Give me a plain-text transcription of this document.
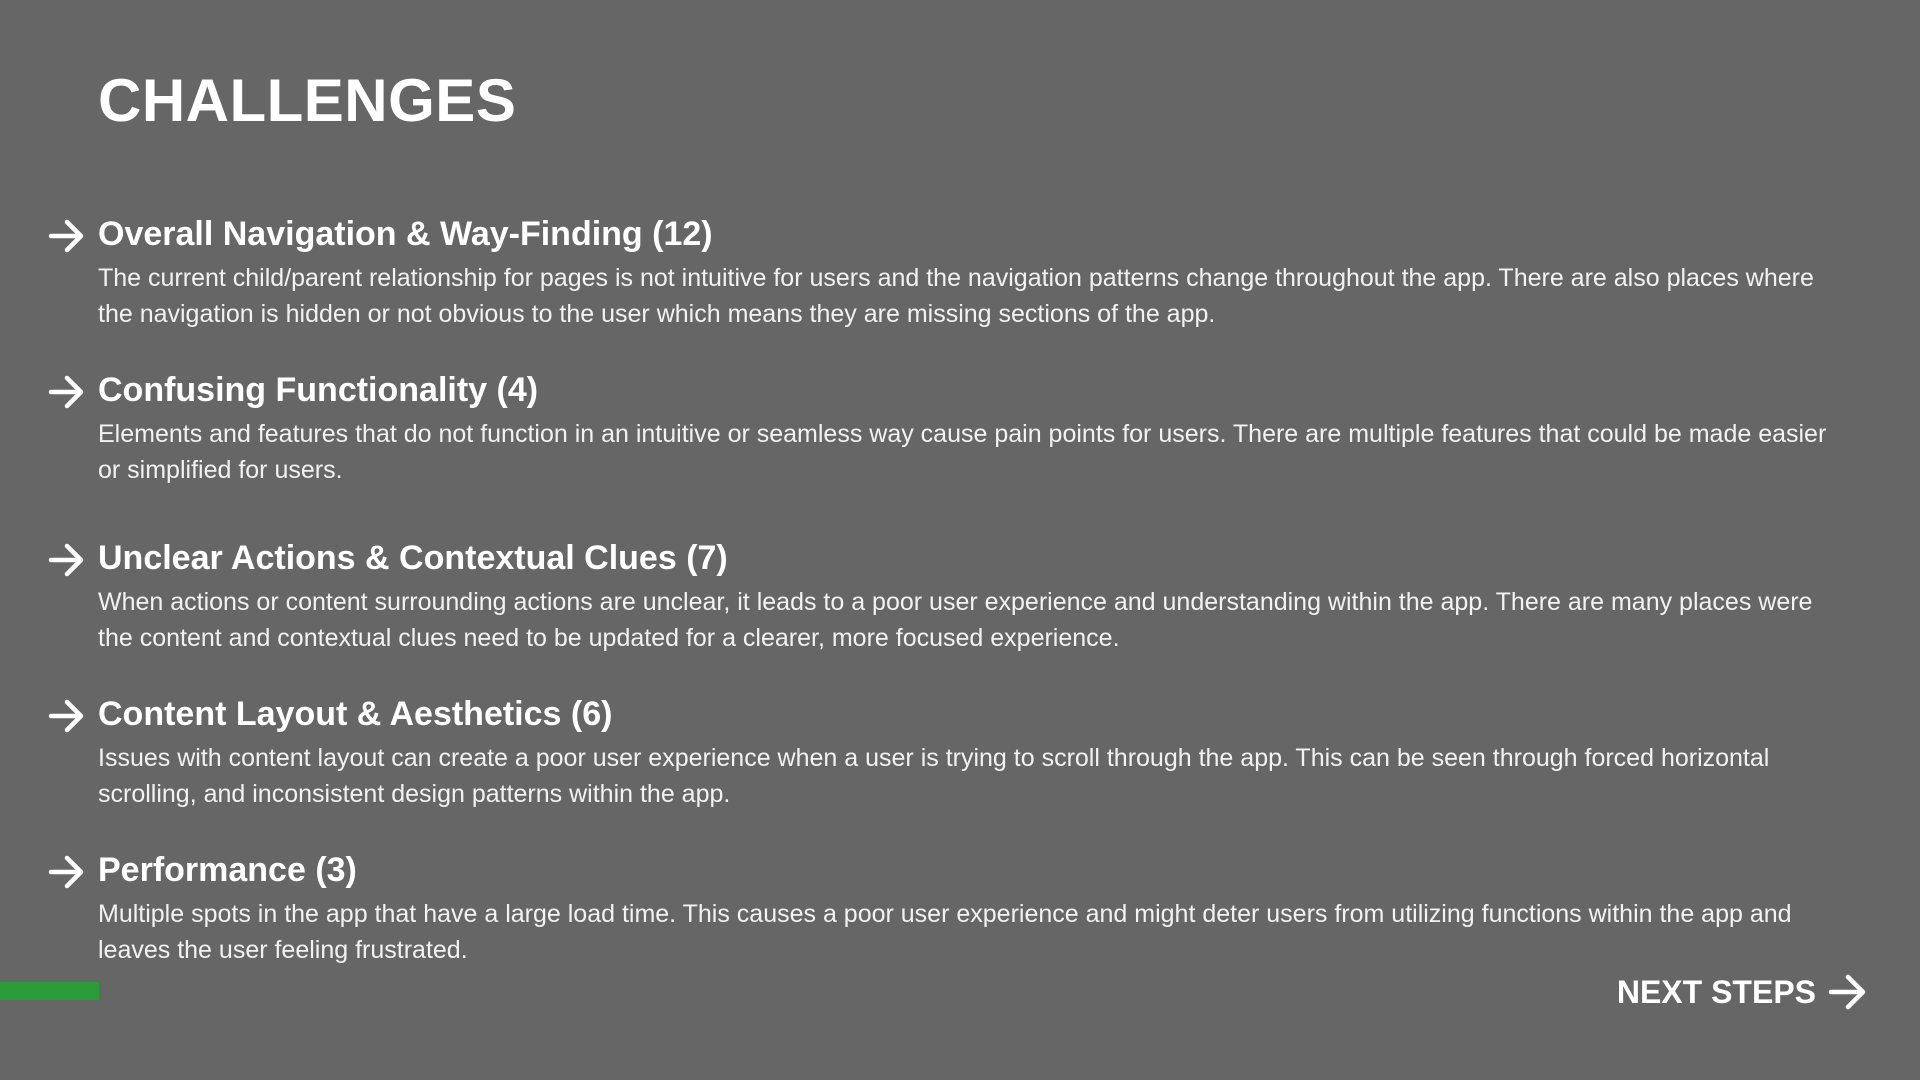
CHALLENGES
Overall Navigation & Way-Finding (12)

The current child/parent relationship for pages is not intuitive for users and the navigation patterns change throughout the app. There are also places where the navigation is hidden or not obvious to the user which means they are missing sections of the app.

Confusing Functionality (4)

Elements and features that do not function in an intuitive or seamless way cause pain points for users. There are multiple features that could be made easier or simplified for users.

Unclear Actions & Contextual Clues (7)

When actions or content surrounding actions are unclear, it leads to a poor user experience and understanding within the app. There are many places were the content and contextual clues need to be updated for a clearer, more focused experience.

Content Layout & Aesthetics (6)

Issues with content layout can create a poor user experience when a user is trying to scroll through the app. This can be seen through forced horizontal scrolling, and inconsistent design patterns within the app.

Performance (3)

Multiple spots in the app that have a large load time. This causes a poor user experience and might deter users from utilizing functions within the app and leaves the user feeling frustrated.

NEXT STEPS
